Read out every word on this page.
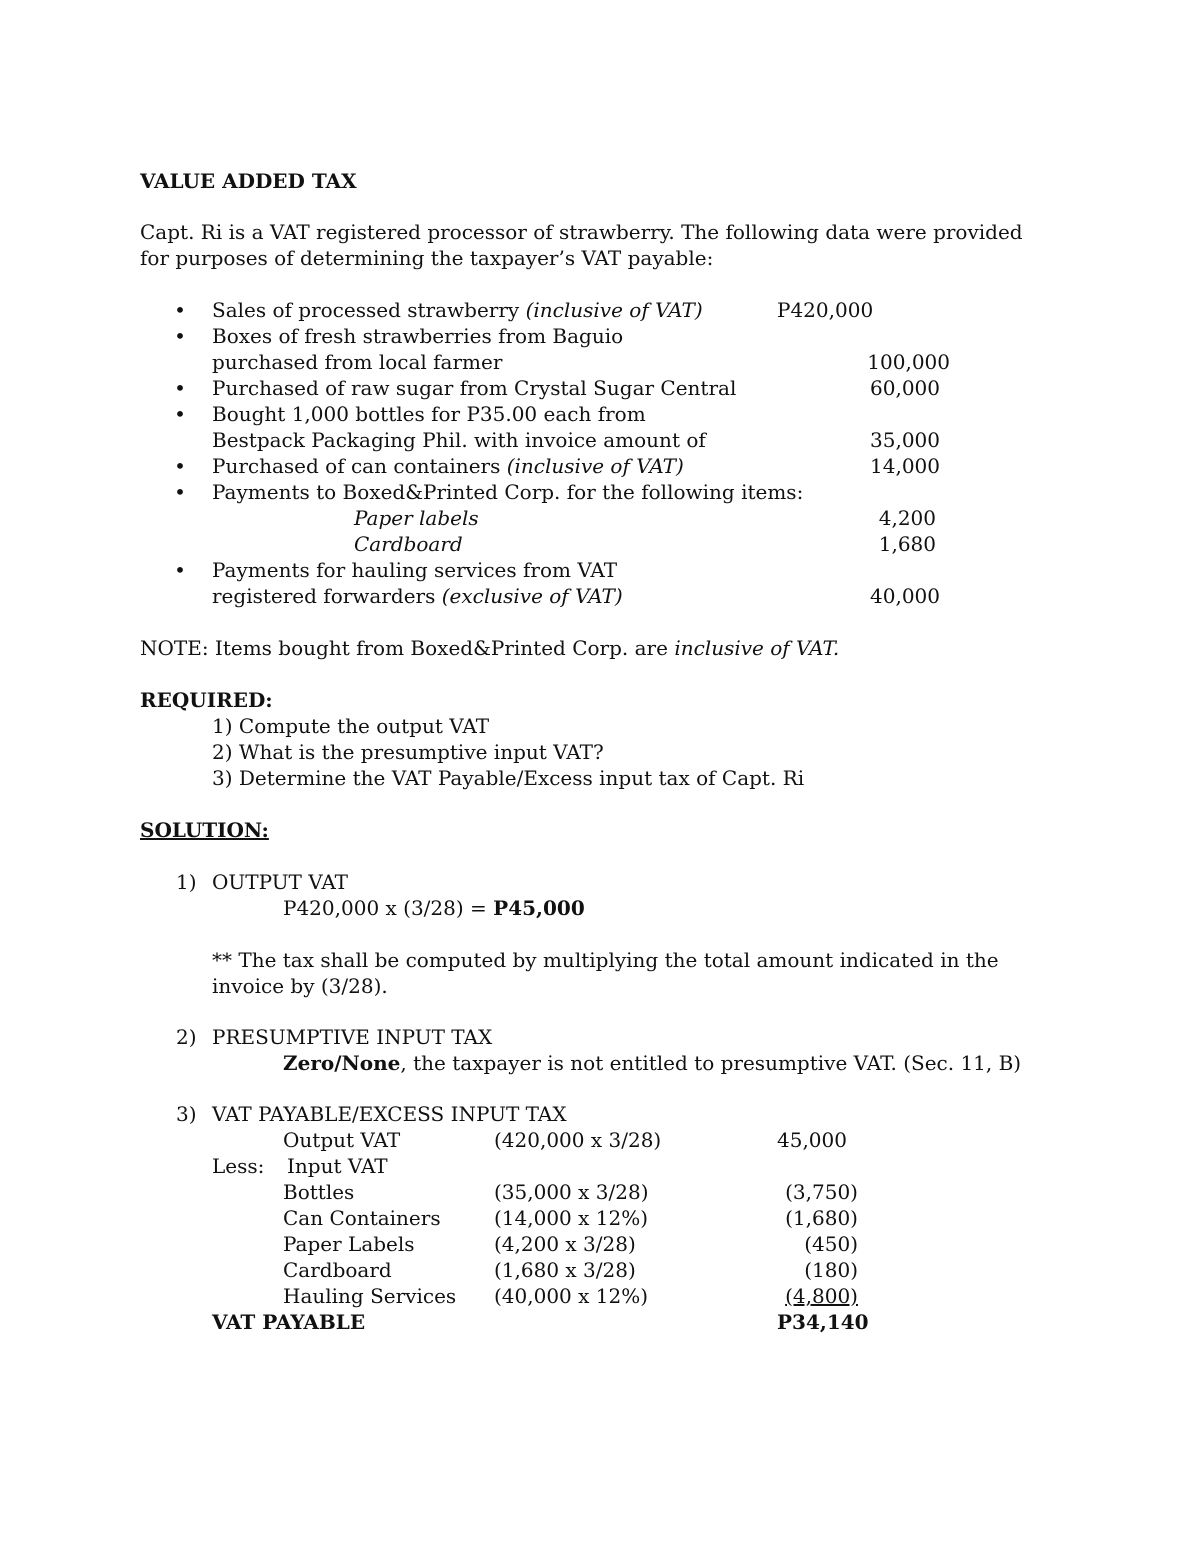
VALUE ADDED TAX
Capt. Ri is a VAT registered processor of strawberry. The following data were provided
for purposes of determining the taxpayer’s VAT payable:
• Sales of processed strawberry (inclusive of VAT)	P420,000
• Boxes of fresh strawberries from Baguio
purchased from local farmer	100,000
• Purchased of raw sugar from Crystal Sugar Central	60,000
• Bought 1,000 bottles for P35.00 each from
Bestpack Packaging Phil. with invoice amount of	35,000
• Purchased of can containers (inclusive of VAT)	14,000
• Payments to Boxed&Printed Corp. for the following items:
Paper labels	4,200
Cardboard	1,680
• Payments for hauling services from VAT
registered forwarders (exclusive of VAT)	40,000
NOTE: Items bought from Boxed&Printed Corp. are inclusive of VAT.
REQUIRED:
1) Compute the output VAT
2) What is the presumptive input VAT?
3) Determine the VAT Payable/Excess input tax of Capt. Ri
SOLUTION:
1) OUTPUT VAT
P420,000 x (3/28) = P45,000
** The tax shall be computed by multiplying the total amount indicated in the
invoice by (3/28).
2) PRESUMPTIVE INPUT TAX
Zero/None, the taxpayer is not entitled to presumptive VAT. (Sec. 11, B)
3) VAT PAYABLE/EXCESS INPUT TAX
Output VAT	(420,000 x 3/28)	45,000
Less: Input VAT
Bottles	(35,000 x 3/28)	(3,750)
Can Containers	(14,000 x 12%)	(1,680)
Paper Labels	(4,200 x 3/28)	(450)
Cardboard	(1,680 x 3/28)	(180)
Hauling Services (40,000 x 12%)	(4,800)
VAT PAYABLE	P34,140
